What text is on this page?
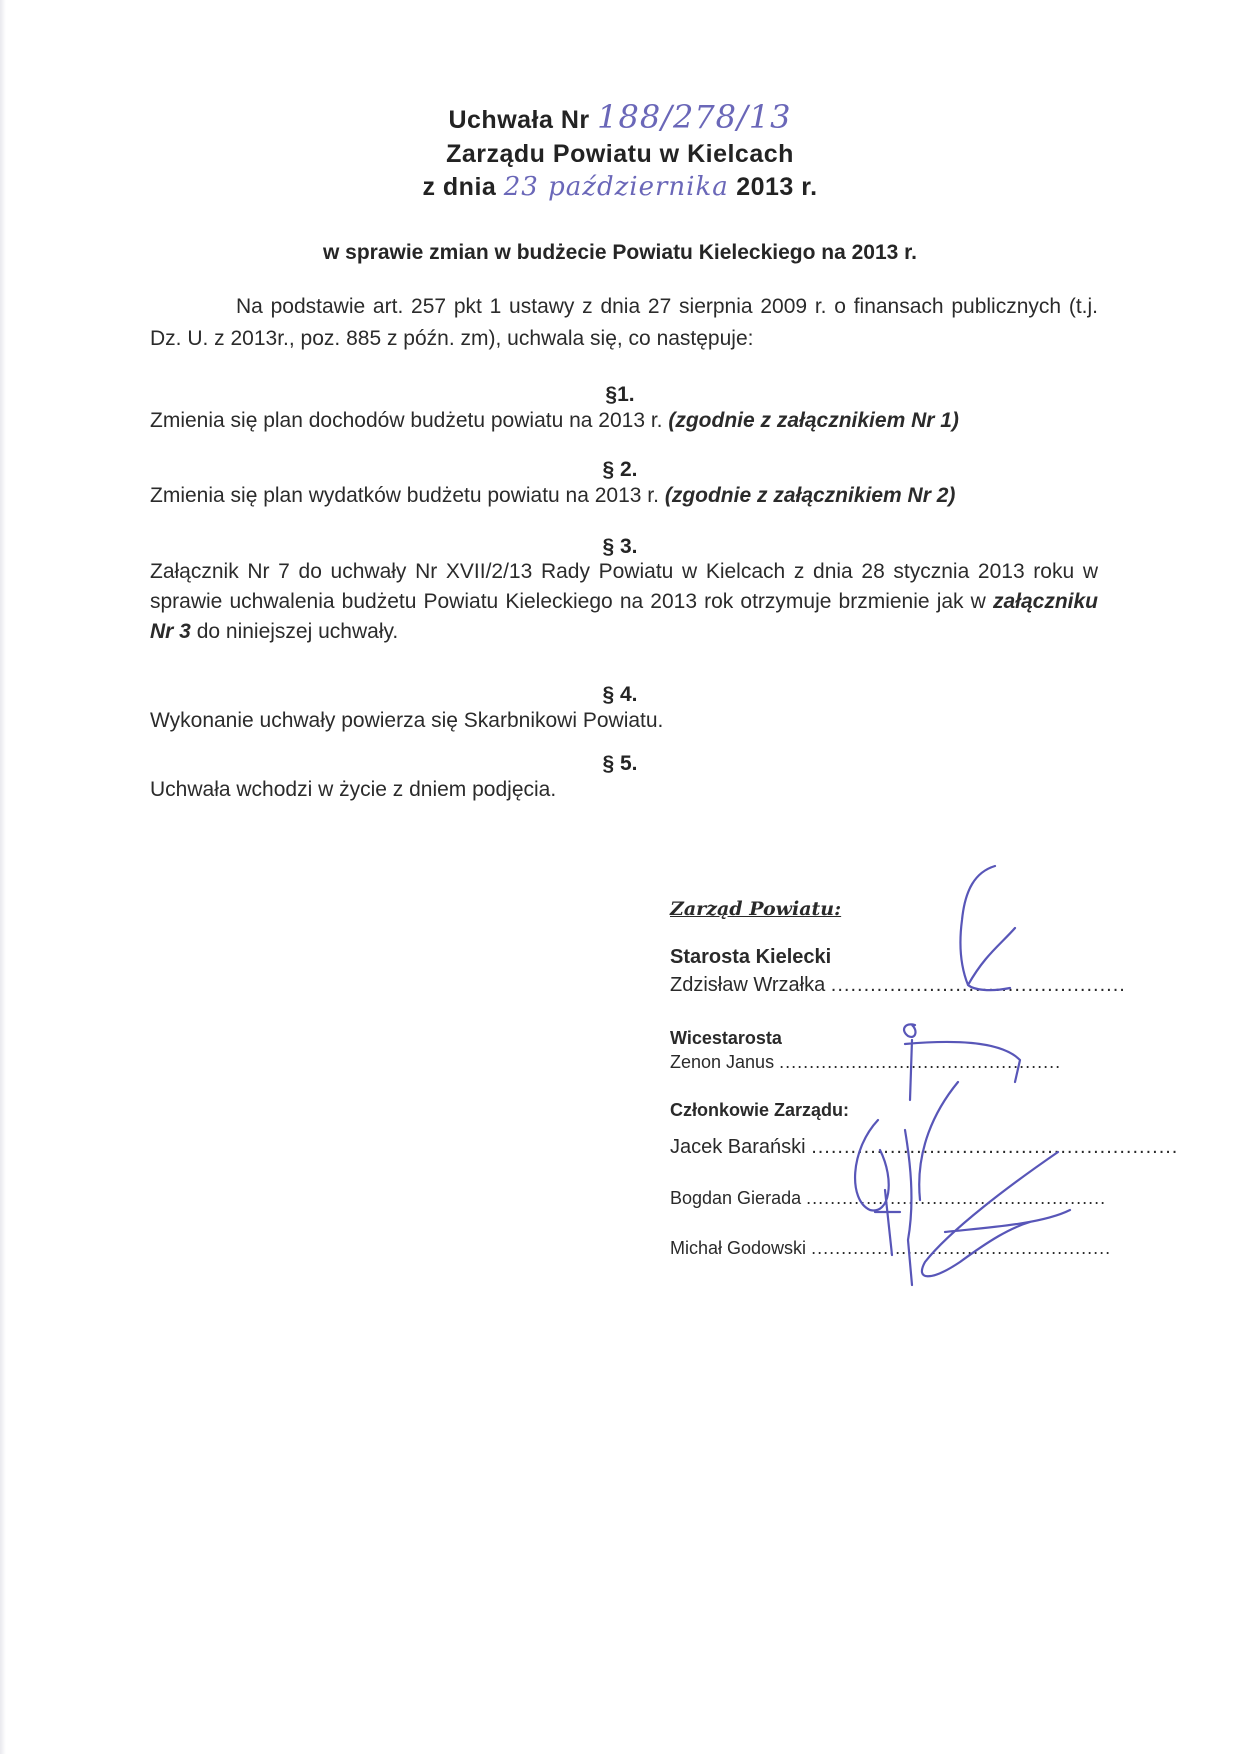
Uchwała Nr 188/278/13
Zarządu Powiatu w Kielcach
z dnia 23 października 2013 r.
w sprawie zmian w budżecie Powiatu Kieleckiego na 2013 r.
Na podstawie art. 257 pkt 1 ustawy z dnia 27 sierpnia 2009 r. o finansach publicznych (t.j. Dz. U. z 2013r., poz. 885 z późn. zm), uchwala się, co następuje:
§1.
Zmienia się plan dochodów budżetu powiatu na 2013 r. (zgodnie z załącznikiem Nr 1)
§ 2.
Zmienia się plan wydatków budżetu powiatu na 2013 r. (zgodnie z załącznikiem Nr 2)
§ 3.
Załącznik Nr 7 do uchwały Nr XVII/2/13 Rady Powiatu w Kielcach z dnia 28 stycznia 2013 roku w sprawie uchwalenia budżetu Powiatu Kieleckiego na 2013 rok otrzymuje brzmienie jak w załączniku Nr 3 do niniejszej uchwały.
§ 4.
Wykonanie uchwały powierza się Skarbnikowi Powiatu.
§ 5.
Uchwała wchodzi w życie z dniem podjęcia.
Zarząd Powiatu:
Starosta Kielecki
Zdzisław Wrzałka .............................................
Wicestarosta
Zenon Janus ...............................................
Członkowie Zarządu:
Jacek Barański ........................................................
Bogdan Gierada ..................................................
Michał Godowski ..................................................
